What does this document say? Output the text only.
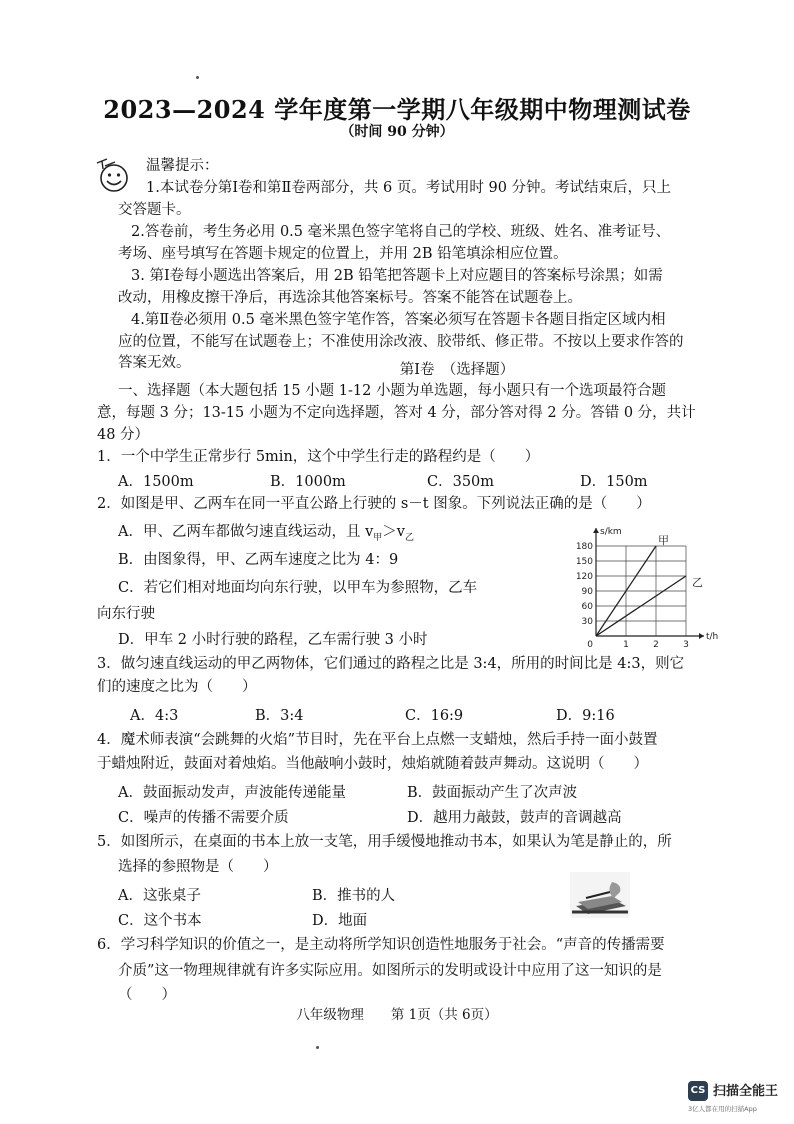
2023—2024 学年度第一学期八年级期中物理测试卷
（时间 90 分钟）
温馨提示：
1.本试卷分第Ⅰ卷和第Ⅱ卷两部分，共 6 页。考试用时 90 分钟。考试结束后，只上
交答题卡。
2.答卷前，考生务必用 0.5 毫米黑色签字笔将自己的学校、班级、姓名、准考证号、
考场、座号填写在答题卡规定的位置上，并用 2B 铅笔填涂相应位置。
3. 第Ⅰ卷每小题选出答案后，用 2B 铅笔把答题卡上对应题目的答案标号涂黑；如需
改动，用橡皮擦干净后，再选涂其他答案标号。答案不能答在试题卷上。
4.第Ⅱ卷必须用 0.5 毫米黑色签字笔作答，答案必须写在答题卡各题目指定区域内相
应的位置，不能写在试题卷上；不准使用涂改液、胶带纸、修正带。不按以上要求作答的
答案无效。	第Ⅰ卷　（选择题）
一、选择题（本大题包括 15 小题 1-12 小题为单选题，每小题只有一个选项最符合题
意，每题 3 分；13-15 小题为不定向选择题，答对 4 分，部分答对得 2 分。答错 0 分，共计
48 分）
1．一个中学生正常步行 5min，这个中学生行走的路程约是（　　）
A．1500m	B．1000m	C．350m	D．150m
2．如图是甲、乙两车在同一平直公路上行驶的 s－t 图象。下列说法正确的是（　　）
A．甲、乙两车都做匀速直线运动，且 $v_甲>v_乙$
B．由图象得，甲、乙两车速度之比为 4：9
C．若它们相对地面均向东行驶，以甲车为参照物，乙车
向东行驶
D．甲车 2 小时行驶的路程，乙车需行驶 3 小时
30
60
90
120
150
180
0	1	2	3
s/km
t/h
甲
乙
3．做匀速直线运动的甲乙两物体，它们通过的路程之比是 3:4，所用的时间比是 4:3，则它
们的速度之比为（　　）
A．4:3	B．3:4	C．16:9	D．9:16
4．魔术师表演“会跳舞的火焰”节目时，先在平台上点燃一支蜡烛，然后手持一面小鼓置
于蜡烛附近，鼓面对着烛焰。当他敲响小鼓时，烛焰就随着鼓声舞动。这说明（　　）
A．鼓面振动发声，声波能传递能量	B．鼓面振动产生了次声波
C．噪声的传播不需要介质	D．越用力敲鼓，鼓声的音调越高
5．如图所示，在桌面的书本上放一支笔，用手缓慢地推动书本，如果认为笔是静止的，所
选择的参照物是（　　）
A．这张桌子	B．推书的人
C．这个书本	D．地面
6．学习科学知识的价值之一，是主动将所学知识创造性地服务于社会。“声音的传播需要
介质”这一物理规律就有许多实际应用。如图所示的发明或设计中应用了这一知识的是
（　　）
八年级物理　　第 1页（共 6页）
CS 扫描全能王
3亿人都在用的扫描App
